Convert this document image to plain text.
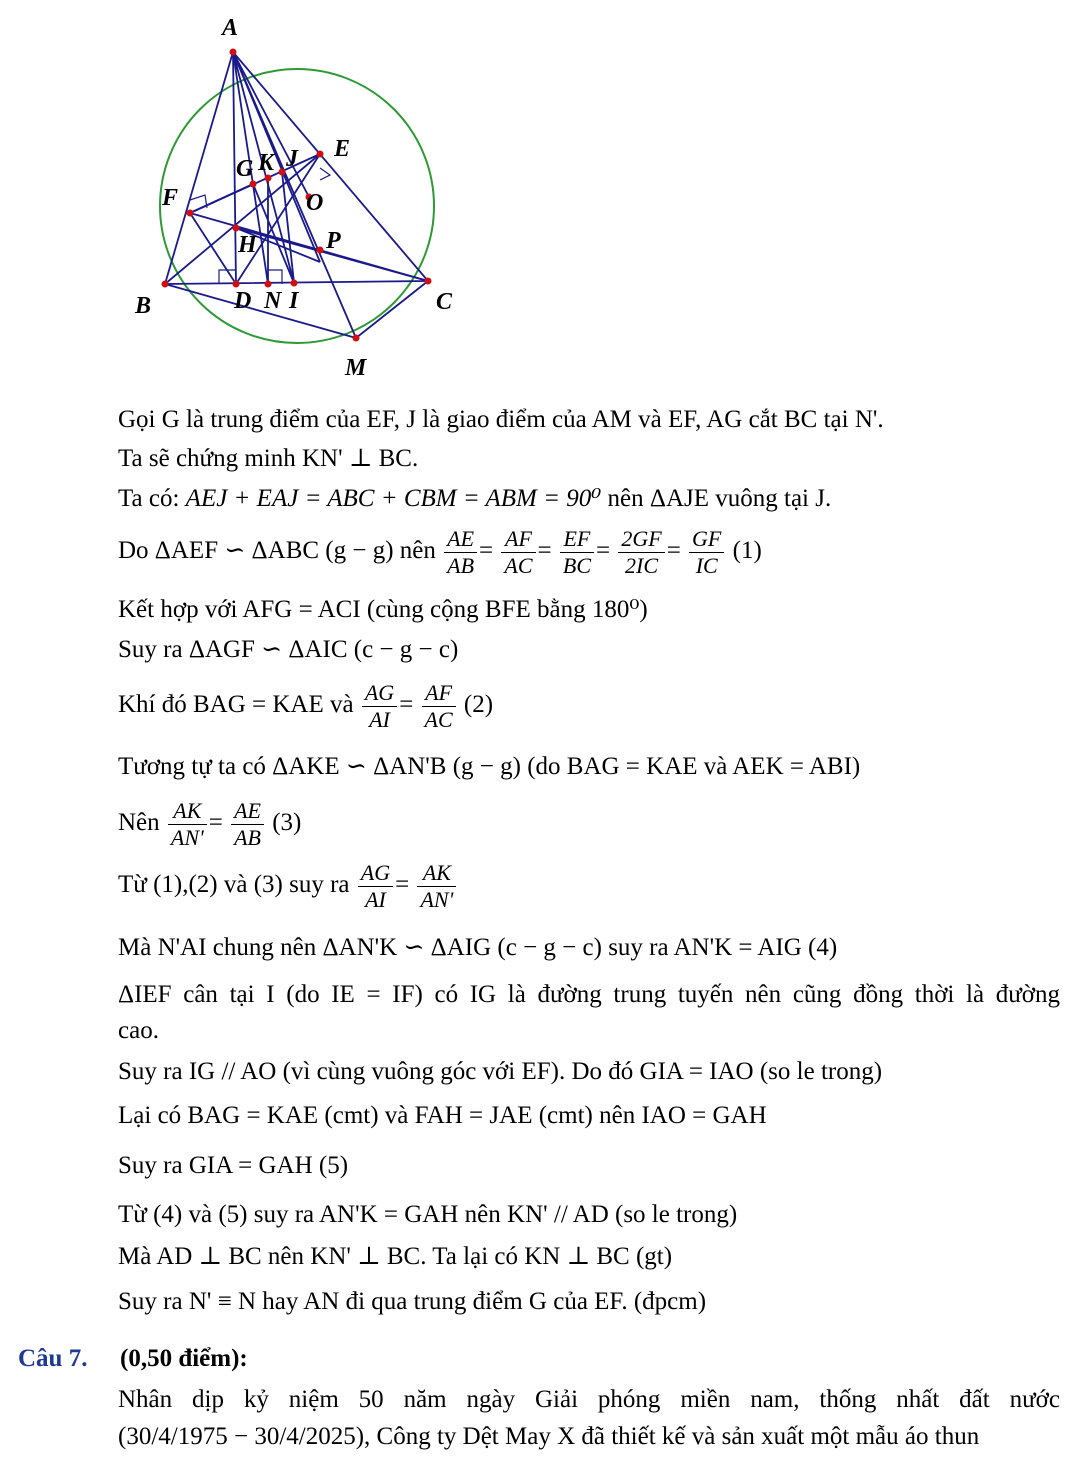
A
E
G K J
F	O
H	P
B	D N I	C
M
Gọi G là trung điểm của EF, J là giao điểm của AM và EF, AG cắt BC tại N'.
Ta sẽ chứng minh KN' ⊥ BC.
Ta có: AEJ + EAJ = ABC + CBM = ABM = 90⁰ nên ΔAJE vuông tại J.
Do ΔAEF ∽ ΔABC (g − g) nên $\frac{AE}{AB} = \frac{AF}{AC} = \frac{EF}{BC} = \frac{2GF}{2IC} = \frac{GF}{IC} (1)$
Kết hợp với AFG = ACI (cùng cộng BFE bằng 180⁰)
Suy ra ΔAGF ∽ ΔAIC (c − g − c)
Khí đó BAG = KAE và $\frac{AG}{AI} = \frac{AF}{AC} (2)$
Tương tự ta có ΔAKE ∽ ΔAN'B (g − g) (do BAG = KAE và AEK = ABI)
Nên $\frac{AK}{AN'} = \frac{AE}{AB} (3)$
Từ (1),(2) và (3) suy ra $\frac{AG}{AI} = \frac{AK}{AN'}$
Mà N'AI chung nên ΔAN'K ∽ ΔAIG (c − g − c) suy ra AN'K = AIG (4)
ΔIEF cân tại I (do IE = IF) có IG là đường trung tuyến nên cũng đồng thời là đường
cao.
Suy ra IG // AO (vì cùng vuông góc với EF). Do đó GIA = IAO (so le trong)
Lại có BAG = KAE (cmt) và FAH = JAE (cmt) nên IAO = GAH
Suy ra GIA = GAH (5)
Từ (4) và (5) suy ra AN'K = GAH nên KN' // AD (so le trong)
Mà AD ⊥ BC nên KN' ⊥ BC. Ta lại có KN ⊥ BC (gt)
Suy ra N' ≡ N hay AN đi qua trung điểm G của EF. (đpcm)
Câu 7. (0,50 điểm):
Nhân dịp kỷ niệm 50 năm ngày Giải phóng miền nam, thống nhất đất nước
(30/4/1975 − 30/4/2025), Công ty Dệt May X đã thiết kế và sản xuất một mẫu áo thun
